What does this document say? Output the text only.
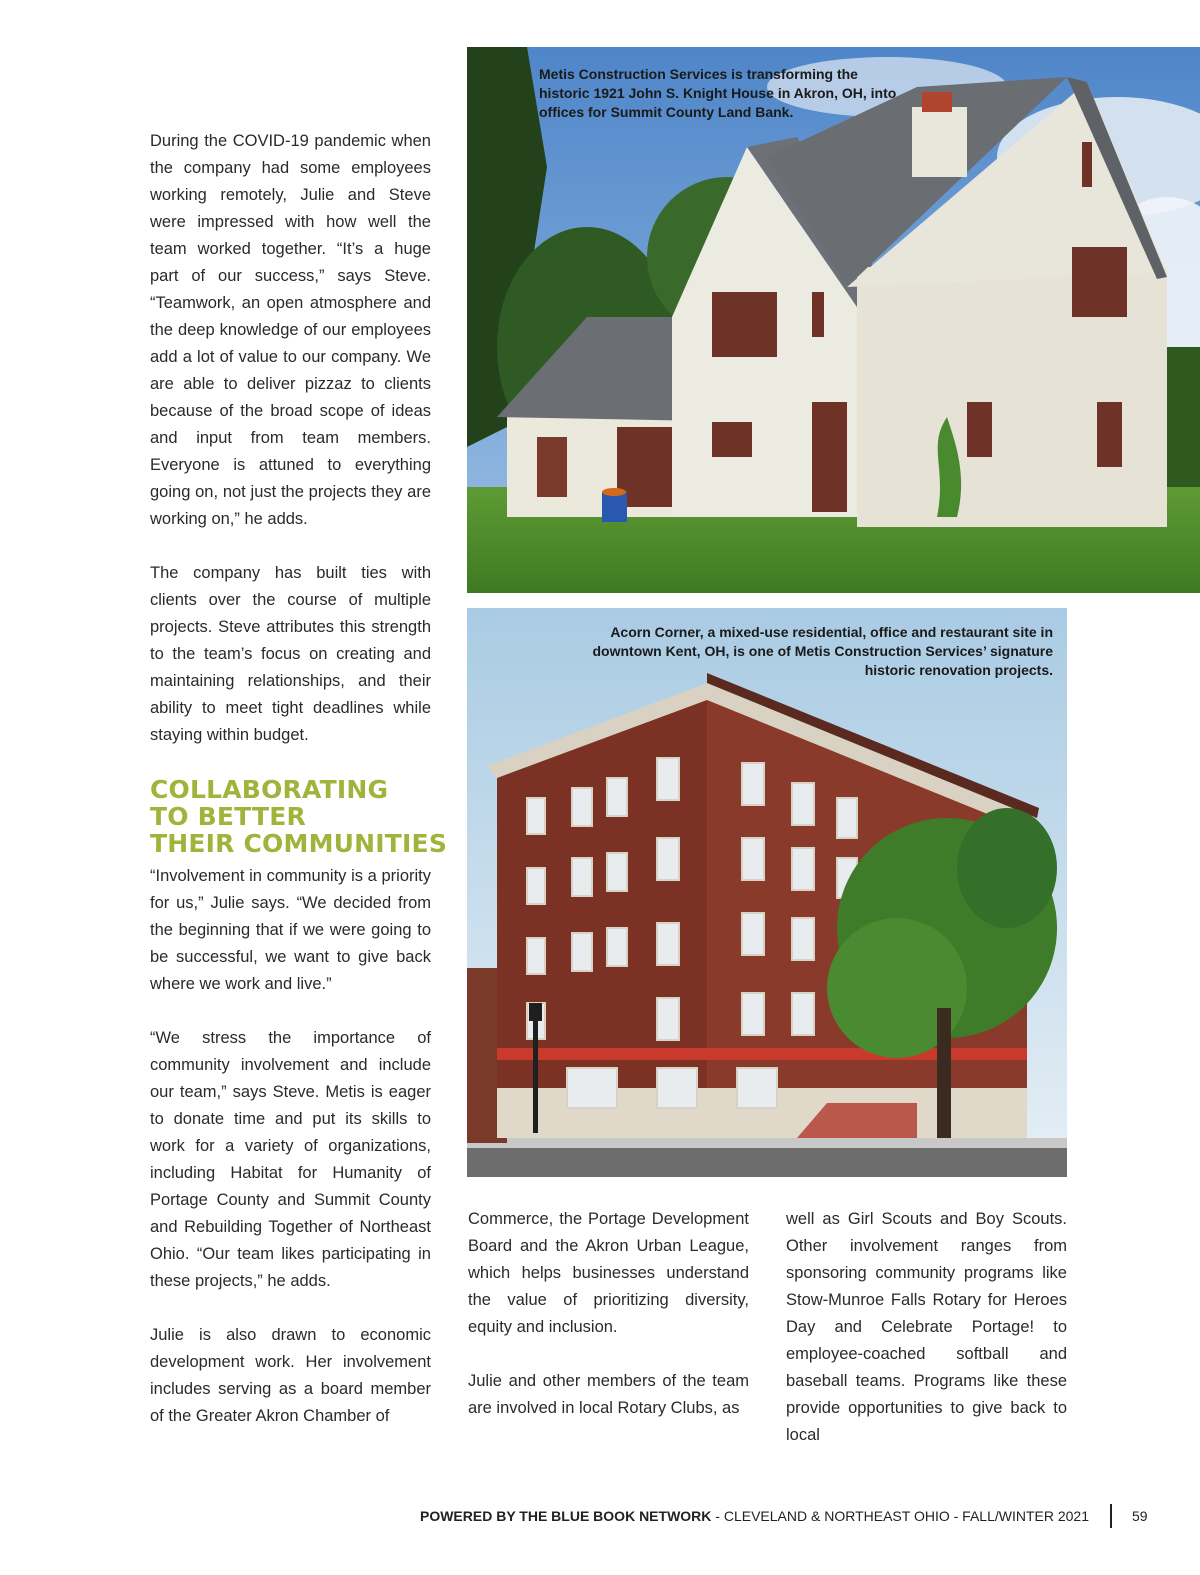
During the COVID-19 pandemic when the company had some employees working remotely, Julie and Steve were impressed with how well the team worked together. “It’s a huge part of our success,” says Steve. “Teamwork, an open atmosphere and the deep knowledge of our employees add a lot of value to our company. We are able to deliver pizzaz to clients because of the broad scope of ideas and input from team members. Everyone is attuned to everything going on, not just the projects they are working on,” he adds.

The company has built ties with clients over the course of multiple projects. Steve attributes this strength to the team’s focus on creating and maintaining relationships, and their ability to meet tight deadlines while staying within budget.

COLLABORATING
TO BETTER
THEIR COMMUNITIES

“Involvement in community is a priority for us,” Julie says. “We decided from the beginning that if we were going to be successful, we want to give back where we work and live.”

“We stress the importance of community involvement and include our team,” says Steve. Metis is eager to donate time and put its skills to work for a variety of organizations, including Habitat for Humanity of Portage County and Summit County and Rebuilding Together of Northeast Ohio. “Our team likes participating in these projects,” he adds.

Julie is also drawn to economic development work. Her involvement includes serving as a board member of the Greater Akron Chamber of

Metis Construction Services is transforming the historic 1921 John S. Knight House in Akron, OH, into offices for Summit County Land Bank.
Acorn Corner, a mixed-use residential, office and restaurant site in downtown Kent, OH, is one of Metis Construction Services’ signature historic renovation projects.

Commerce, the Portage Development Board and the Akron Urban League, which helps businesses understand the value of prioritizing diversity, equity and inclusion.

Julie and other members of the team are involved in local Rotary Clubs, as

well as Girl Scouts and Boy Scouts. Other involvement ranges from sponsoring community programs like Stow-Munroe Falls Rotary for Heroes Day and Celebrate Portage! to employee-coached softball and baseball teams. Programs like these provide opportunities to give back to local

POWERED BY THE BLUE BOOK NETWORK - CLEVELAND & NORTHEAST OHIO - FALL/WINTER 2021	59
